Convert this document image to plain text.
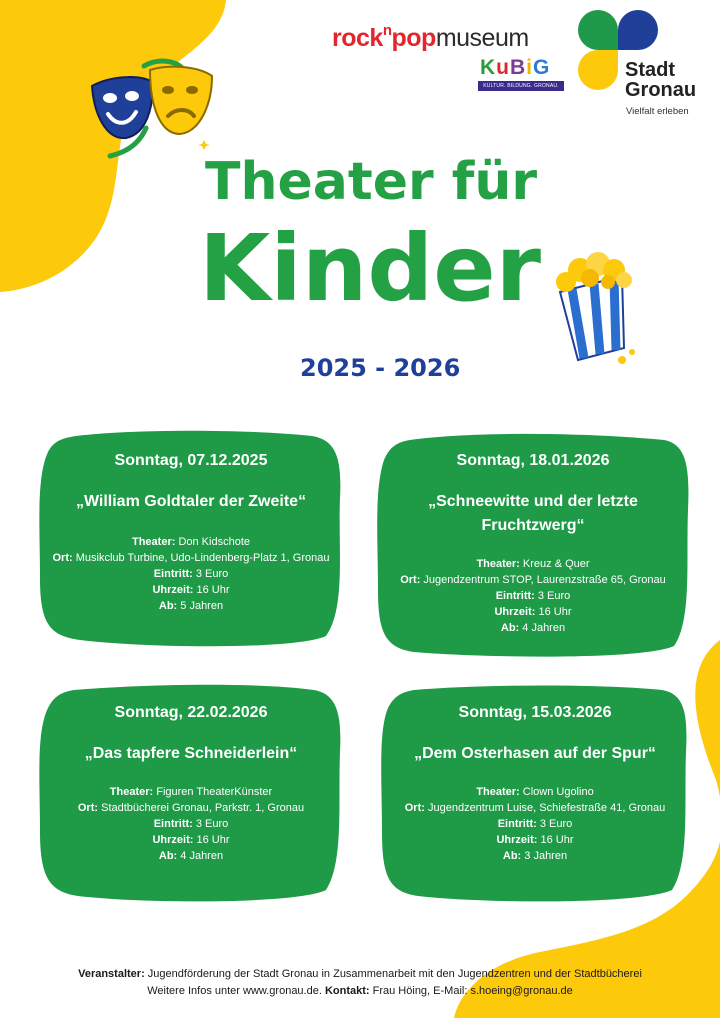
rock$^n$popmuseum
KuBiG
KULTUR. BILDUNG. GRONAU.
Stadt
Gronau
Vielfalt erleben
Theater für
Kinder
2025 - 2026
Sonntag, 07.12.2025
„William Goldtaler der Zweite“
Theater: Don Kidschote
Ort: Musikclub Turbine, Udo-Lindenberg-Platz 1, Gronau
Eintritt: 3 Euro
Uhrzeit: 16 Uhr
Ab: 5 Jahren
Sonntag, 18.01.2026
„Schneewitte und der letzte Fruchtzwerg“
Theater: Kreuz & Quer
Ort: Jugendzentrum STOP, Laurenzstraße 65, Gronau
Eintritt: 3 Euro
Uhrzeit: 16 Uhr
Ab: 4 Jahren
Sonntag, 22.02.2026
„Das tapfere Schneiderlein“
Theater: Figuren TheaterKünster
Ort: Stadtbücherei Gronau, Parkstr. 1, Gronau
Eintritt: 3 Euro
Uhrzeit: 16 Uhr
Ab: 4 Jahren
Sonntag, 15.03.2026
„Dem Osterhasen auf der Spur“
Theater: Clown Ugolino
Ort: Jugendzentrum Luise, Schiefestraße 41, Gronau
Eintritt: 3 Euro
Uhrzeit: 16 Uhr
Ab: 3 Jahren
Veranstalter: Jugendförderung der Stadt Gronau in Zusammenarbeit mit den Jugendzentren und der Stadtbücherei
Weitere Infos unter www.gronau.de. Kontakt: Frau Höing, E-Mail: s.hoeing@gronau.de
